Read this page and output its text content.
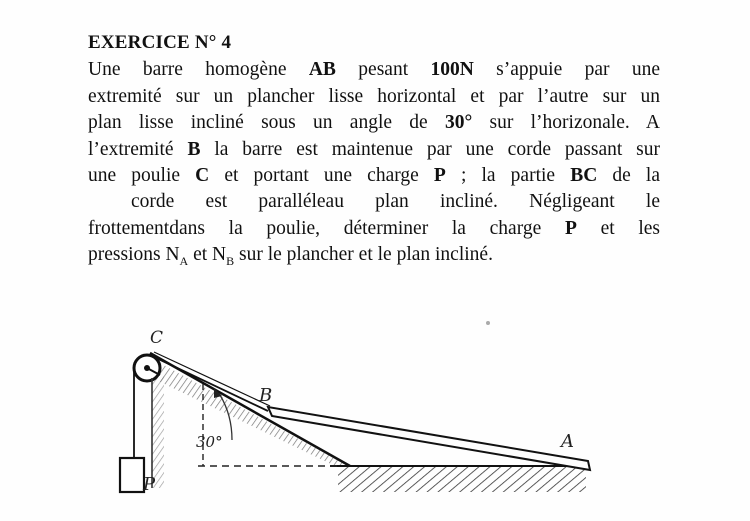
EXERCICE N° 4

Une barre homogène AB pesant 100N s’appuie par une

extremité sur un plancher lisse horizontal et par l’autre sur un

plan lisse incliné sous un angle de 30° sur l’horizonale. A

l’extremité B la barre est maintenue par une corde passant sur

une poulie C et portant une charge P ; la partie BC de la

corde est paralléleau plan incliné. Négligeant le

frottementdans la poulie, déterminer la charge P et les

pressions $N_A$ et $N_B$ sur le plancher et le plan incliné.

C
B
A
30°
P
